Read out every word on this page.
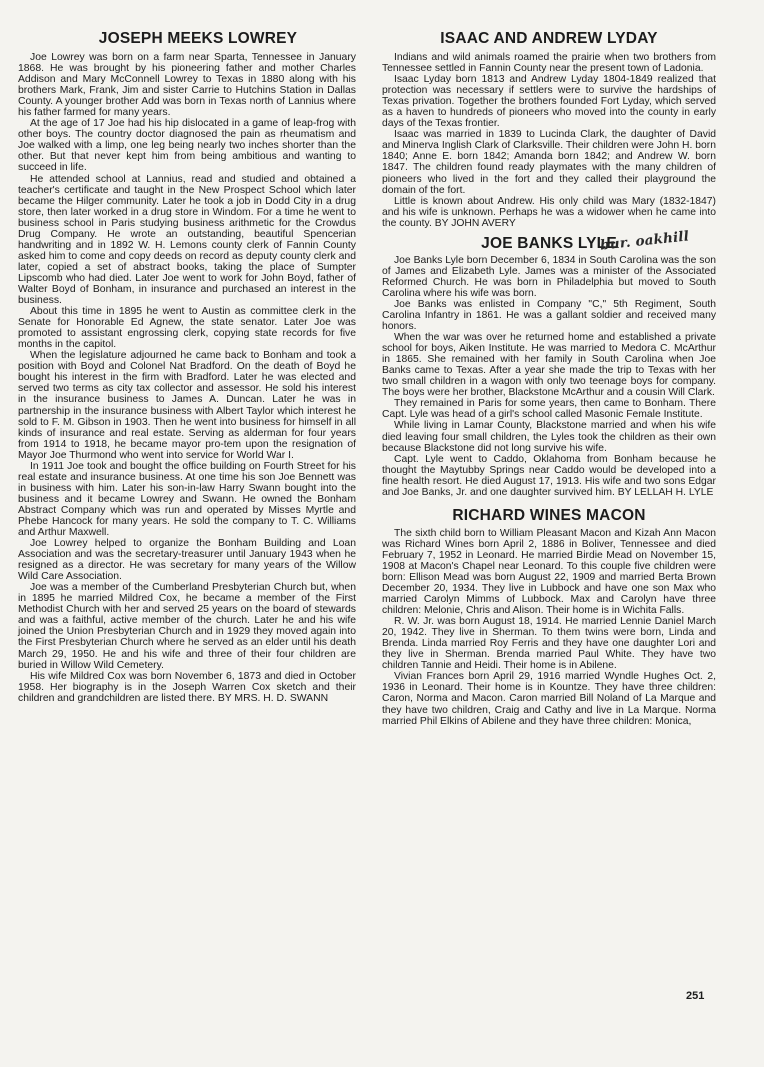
JOSEPH MEEKS LOWREY

Joe Lowrey was born on a farm near Sparta, Tennessee in January 1868. He was brought by his pioneering father and mother Charles Addison and Mary McConnell Lowrey to Texas in 1880 along with his brothers Mark, Frank, Jim and sister Carrie to Hutchins Station in Dallas County. A younger brother Add was born in Texas north of Lannius where his father farmed for many years.

At the age of 17 Joe had his hip dislocated in a game of leap-frog with other boys. The country doctor diagnosed the pain as rheumatism and Joe walked with a limp, one leg being nearly two inches shorter than the other. But that never kept him from being ambitious and wanting to succeed in life.

He attended school at Lannius, read and studied and obtained a teacher's certificate and taught in the New Prospect School which later became the Hilger community. Later he took a job in Dodd City in a drug store, then later worked in a drug store in Windom. For a time he went to business school in Paris studying business arithmetic for the Crowdus Drug Company. He wrote an outstanding, beautiful Spencerian handwriting and in 1892 W. H. Lemons county clerk of Fannin County asked him to come and copy deeds on record as deputy county clerk and later, copied a set of abstract books, taking the place of Sumpter Lipscomb who had died. Later Joe went to work for John Boyd, father of Walter Boyd of Bonham, in insurance and purchased an interest in the business.

About this time in 1895 he went to Austin as committee clerk in the Senate for Honorable Ed Agnew, the state senator. Later Joe was promoted to assistant engrossing clerk, copying state records for five months in the capitol.

When the legislature adjourned he came back to Bonham and took a position with Boyd and Colonel Nat Bradford. On the death of Boyd he bought his interest in the firm with Bradford. Later he was elected and served two terms as city tax collector and assessor. He sold his interest in the insurance business to James A. Duncan. Later he was in partnership in the insurance business with Albert Taylor which interest he sold to F. M. Gibson in 1903. Then he went into business for himself in all kinds of insurance and real estate. Serving as alderman for four years from 1914 to 1918, he became mayor pro-tem upon the resignation of Mayor Joe Thurmond who went into service for World War I.

In 1911 Joe took and bought the office building on Fourth Street for his real estate and insurance business. At one time his son Joe Bennett was in business with him. Later his son-in-law Harry Swann bought into the business and it became Lowrey and Swann. He owned the Bonham Abstract Company which was run and operated by Misses Myrtle and Phebe Hancock for many years. He sold the company to T. C. Williams and Arthur Maxwell.

Joe Lowrey helped to organize the Bonham Building and Loan Association and was the secretary-treasurer until January 1943 when he resigned as a director. He was secretary for many years of the Willow Wild Care Association.

Joe was a member of the Cumberland Presbyterian Church but, when in 1895 he married Mildred Cox, he became a member of the First Methodist Church with her and served 25 years on the board of stewards and was a faithful, active member of the church. Later he and his wife joined the Union Presbyterian Church and in 1929 they moved again into the First Presbyterian Church where he served as an elder until his death March 29, 1950. He and his wife and three of their four children are buried in Willow Wild Cemetery.

His wife Mildred Cox was born November 6, 1873 and died in October 1958. Her biography is in the Joseph Warren Cox sketch and their children and grandchildren are listed there. BY MRS. H. D. SWANN

ISAAC AND ANDREW LYDAY

Indians and wild animals roamed the prairie when two brothers from Tennessee settled in Fannin County near the present town of Ladonia.

Isaac Lyday born 1813 and Andrew Lyday 1804-1849 realized that protection was necessary if settlers were to survive the hardships of Texas privation. Together the brothers founded Fort Lyday, which served as a haven to hundreds of pioneers who moved into the county in early days of the Texas frontier.

Isaac was married in 1839 to Lucinda Clark, the daughter of David and Minerva Inglish Clark of Clarksville. Their children were John H. born 1840; Anne E. born 1842; Amanda born 1842; and Andrew W. born 1847. The children found ready playmates with the many children of pioneers who lived in the fort and they called their playground the domain of the fort.

Little is known about Andrew. His only child was Mary (1832-1847) and his wife is unknown. Perhaps he was a widower when he came into the county. BY JOHN AVERY

JOE BANKS LYLE
bur. oakhill

Joe Banks Lyle born December 6, 1834 in South Carolina was the son of James and Elizabeth Lyle. James was a minister of the Associated Reformed Church. He was born in Philadelphia but moved to South Carolina where his wife was born.

Joe Banks was enlisted in Company "C," 5th Regiment, South Carolina Infantry in 1861. He was a gallant soldier and received many honors.

When the war was over he returned home and established a private school for boys, Aiken Institute. He was married to Medora C. McArthur in 1865. She remained with her family in South Carolina when Joe Banks came to Texas. After a year she made the trip to Texas with her two small children in a wagon with only two teenage boys for company. The boys were her brother, Blackstone McArthur and a cousin Will Clark.

They remained in Paris for some years, then came to Bonham. There Capt. Lyle was head of a girl's school called Masonic Female Institute.

While living in Lamar County, Blackstone married and when his wife died leaving four small children, the Lyles took the children as their own because Blackstone did not long survive his wife.

Capt. Lyle went to Caddo, Oklahoma from Bonham because he thought the Maytubby Springs near Caddo would be developed into a fine health resort. He died August 17, 1913. His wife and two sons Edgar and Joe Banks, Jr. and one daughter survived him. BY LELLAH H. LYLE

RICHARD WINES MACON

The sixth child born to William Pleasant Macon and Kizah Ann Macon was Richard Wines born April 2, 1886 in Boliver, Tennessee and died February 7, 1952 in Leonard. He married Birdie Mead on November 15, 1908 at Macon's Chapel near Leonard. To this couple five children were born: Ellison Mead was born August 22, 1909 and married Berta Brown December 20, 1934. They live in Lubbock and have one son Max who married Carolyn Mimms of Lubbock. Max and Carolyn have three children: Melonie, Chris and Alison. Their home is in Wichita Falls.

R. W. Jr. was born August 18, 1914. He married Lennie Daniel March 20, 1942. They live in Sherman. To them twins were born, Linda and Brenda. Linda married Roy Ferris and they have one daughter Lori and they live in Sherman. Brenda married Paul White. They have two children Tannie and Heidi. Their home is in Abilene.

Vivian Frances born April 29, 1916 married Wyndle Hughes Oct. 2, 1936 in Leonard. Their home is in Kountze. They have three children: Caron, Norma and Macon. Caron married Bill Noland of La Marque and they have two children, Craig and Cathy and live in La Marque. Norma married Phil Elkins of Abilene and they have three children: Monica,

251
